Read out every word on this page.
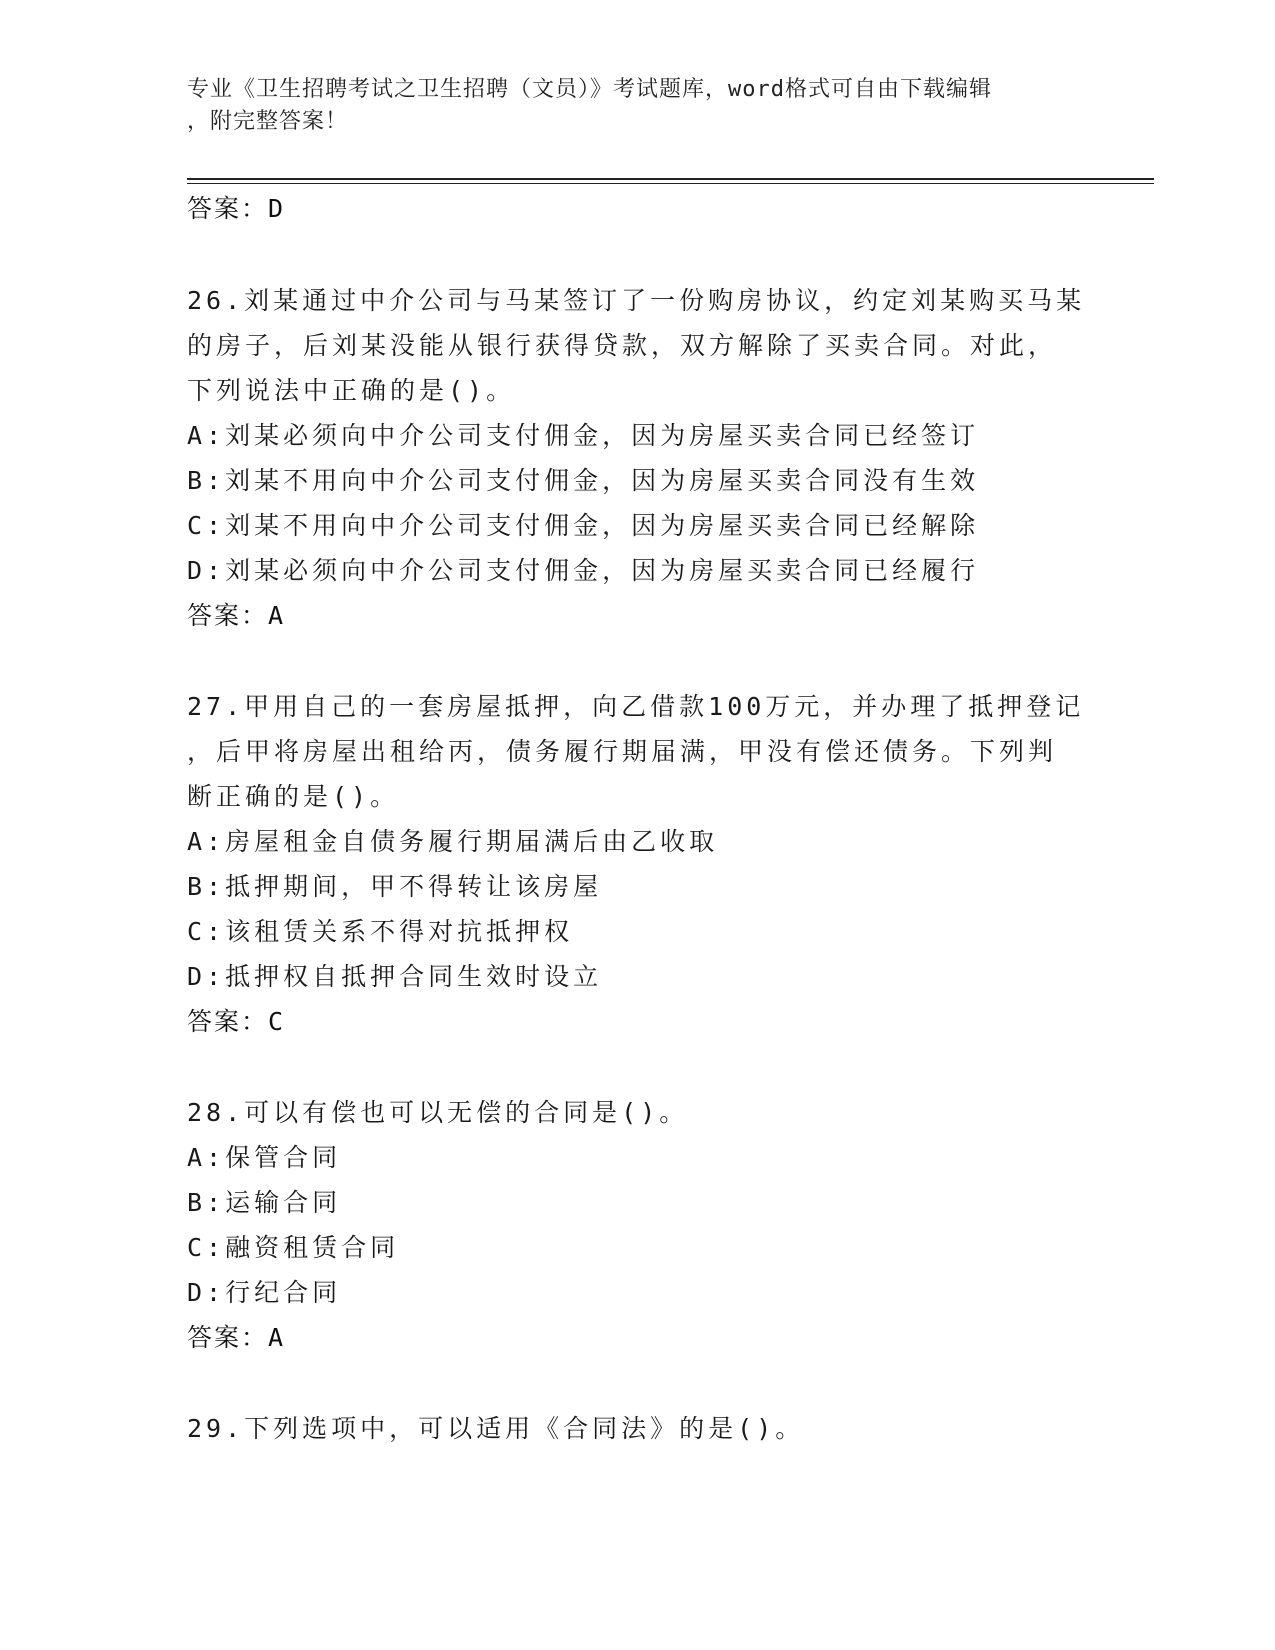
专业《卫生招聘考试之卫生招聘（文员）》考试题库，word格式可自由下载编辑
，附完整答案！
答案：D
26.刘某通过中介公司与马某签订了一份购房协议，约定刘某购买马某
的房子，后刘某没能从银行获得贷款，双方解除了买卖合同。对此，
下列说法中正确的是()。
A:刘某必须向中介公司支付佣金，因为房屋买卖合同已经签订
B:刘某不用向中介公司支付佣金，因为房屋买卖合同没有生效
C:刘某不用向中介公司支付佣金，因为房屋买卖合同已经解除
D:刘某必须向中介公司支付佣金，因为房屋买卖合同已经履行
答案：A
27.甲用自己的一套房屋抵押，向乙借款100万元，并办理了抵押登记
，后甲将房屋出租给丙，债务履行期届满，甲没有偿还债务。下列判
断正确的是()。
A:房屋租金自债务履行期届满后由乙收取
B:抵押期间，甲不得转让该房屋
C:该租赁关系不得对抗抵押权
D:抵押权自抵押合同生效时设立
答案：C
28.可以有偿也可以无偿的合同是()。
A:保管合同
B:运输合同
C:融资租赁合同
D:行纪合同
答案：A
29.下列选项中，可以适用《合同法》的是()。
